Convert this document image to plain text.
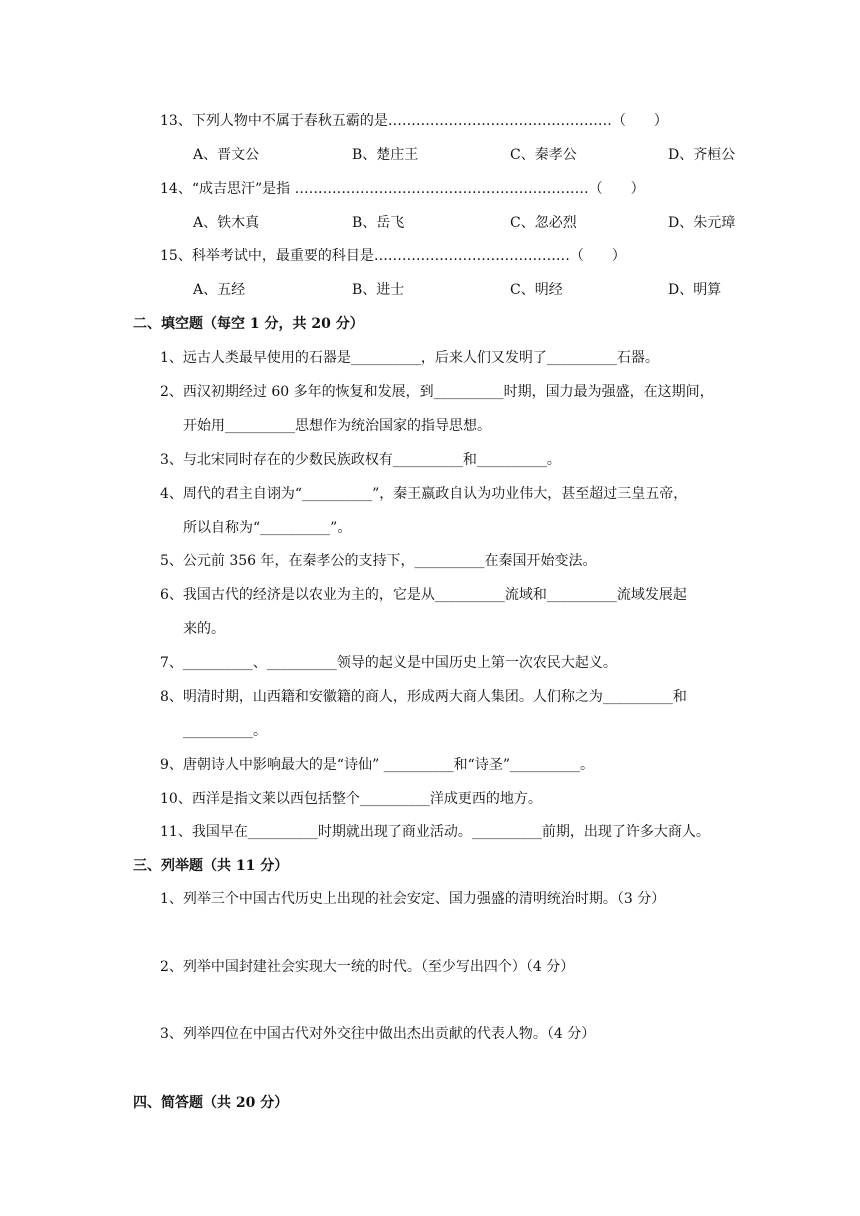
13、下列人物中不属于春秋五霸的是…………………………………………（　　）
A、晋文公	B、楚庄王	C、秦孝公	D、齐桓公
14、“成吉思汗”是指 ………………………………………………………（　　）
A、铁木真	B、岳飞	C、忽必烈	D、朱元璋
15、科举考试中，最重要的科目是……………………………………（　　）
A、五经	B、进士	C、明经	D、明算
二、填空题（每空 1 分，共 20 分）
1、远古人类最早使用的石器是__________，后来人们又发明了__________石器。
2、西汉初期经过 60 多年的恢复和发展，到__________时期，国力最为强盛，在这期间，
开始用__________思想作为统治国家的指导思想。
3、与北宋同时存在的少数民族政权有__________和__________。
4、周代的君主自诩为“__________”，秦王嬴政自认为功业伟大，甚至超过三皇五帝，
所以自称为“__________”。
5、公元前 356 年，在秦孝公的支持下，__________在秦国开始变法。
6、我国古代的经济是以农业为主的，它是从__________流域和__________流域发展起
来的。
7、__________、__________领导的起义是中国历史上第一次农民大起义。
8、明清时期，山西籍和安徽籍的商人，形成两大商人集团。人们称之为__________和
__________。
9、唐朝诗人中影响最大的是“诗仙” __________和“诗圣”__________。
10、西洋是指文莱以西包括整个__________洋成更西的地方。
11、我国早在__________时期就出现了商业活动。__________前期，出现了许多大商人。
三、列举题（共 11 分）
1、列举三个中国古代历史上出现的社会安定、国力强盛的清明统治时期。（3 分）
2、列举中国封建社会实现大一统的时代。（至少写出四个）（4 分）
3、列举四位在中国古代对外交往中做出杰出贡献的代表人物。（4 分）
四、简答题（共 20 分）
